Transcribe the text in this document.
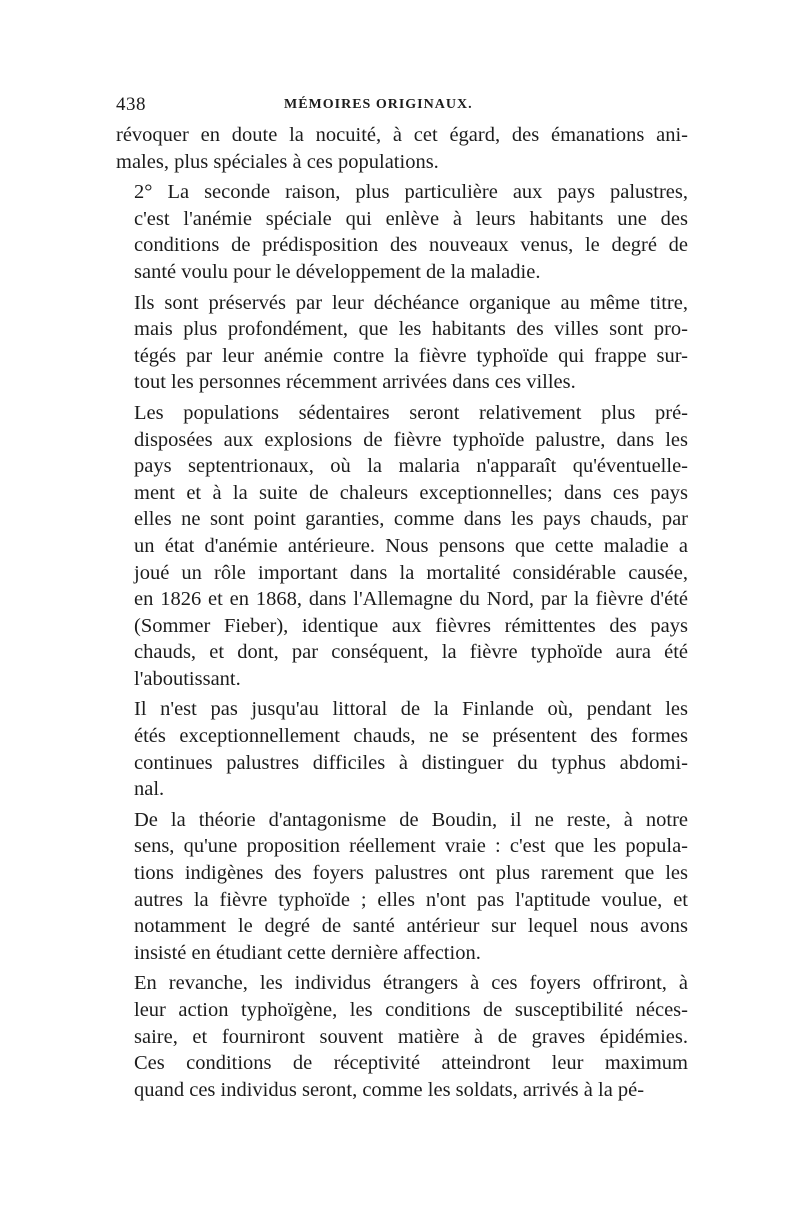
438	MÉMOIRES ORIGINAUX.
révoquer en doute la nocuité, à cet égard, des émanations ani-
males, plus spéciales à ces populations.
2° La seconde raison, plus particulière aux pays palustres,
c'est l'anémie spéciale qui enlève à leurs habitants une des
conditions de prédisposition des nouveaux venus, le degré de
santé voulu pour le développement de la maladie.
Ils sont préservés par leur déchéance organique au même titre,
mais plus profondément, que les habitants des villes sont pro-
tégés par leur anémie contre la fièvre typhoïde qui frappe sur-
tout les personnes récemment arrivées dans ces villes.
Les populations sédentaires seront relativement plus pré-
disposées aux explosions de fièvre typhoïde palustre, dans les
pays septentrionaux, où la malaria n'apparaît qu'éventuelle-
ment et à la suite de chaleurs exceptionnelles; dans ces pays
elles ne sont point garanties, comme dans les pays chauds, par
un état d'anémie antérieure. Nous pensons que cette maladie a
joué un rôle important dans la mortalité considérable causée,
en 1826 et en 1868, dans l'Allemagne du Nord, par la fièvre d'été
(Sommer Fieber), identique aux fièvres rémittentes des pays
chauds, et dont, par conséquent, la fièvre typhoïde aura été
l'aboutissant.
Il n'est pas jusqu'au littoral de la Finlande où, pendant les
étés exceptionnellement chauds, ne se présentent des formes
continues palustres difficiles à distinguer du typhus abdomi-
nal.
De la théorie d'antagonisme de Boudin, il ne reste, à notre
sens, qu'une proposition réellement vraie : c'est que les popula-
tions indigènes des foyers palustres ont plus rarement que les
autres la fièvre typhoïde ; elles n'ont pas l'aptitude voulue, et
notamment le degré de santé antérieur sur lequel nous avons
insisté en étudiant cette dernière affection.
En revanche, les individus étrangers à ces foyers offriront, à
leur action typhoïgène, les conditions de susceptibilité néces-
saire, et fourniront souvent matière à de graves épidémies.
Ces conditions de réceptivité atteindront leur maximum
quand ces individus seront, comme les soldats, arrivés à la pé-
